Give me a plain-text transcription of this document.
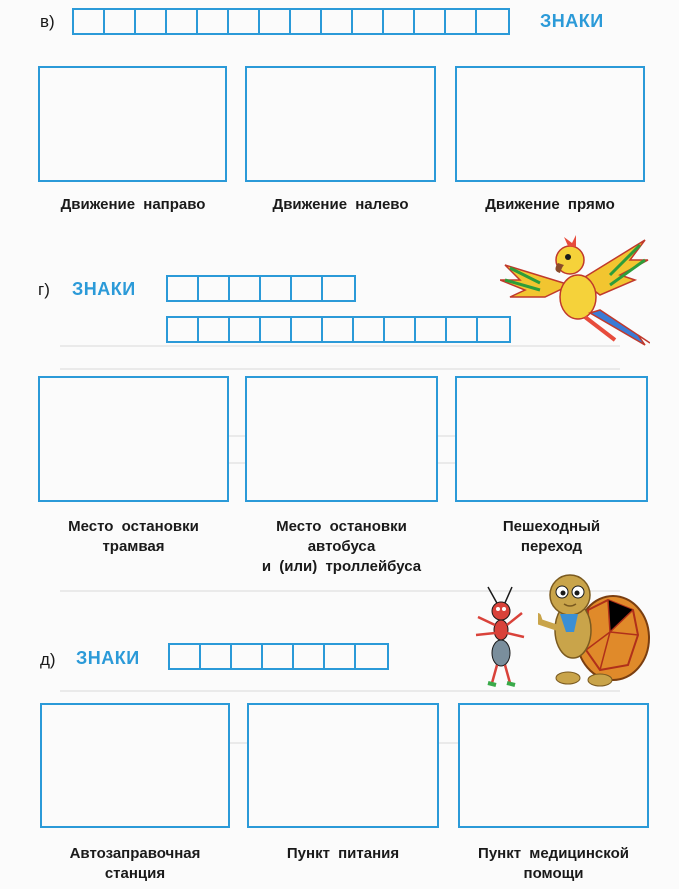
в)	ЗНАКИ
Движение направо	Движение налево	Движение прямо
г) ЗНАКИ
Место остановки
трамвая
Место остановки
автобуса
и (или) троллейбуса
Пешеходный
переход
д) ЗНАКИ
Автозаправочная
станция
Пункт питания	Пункт медицинской
помощи
